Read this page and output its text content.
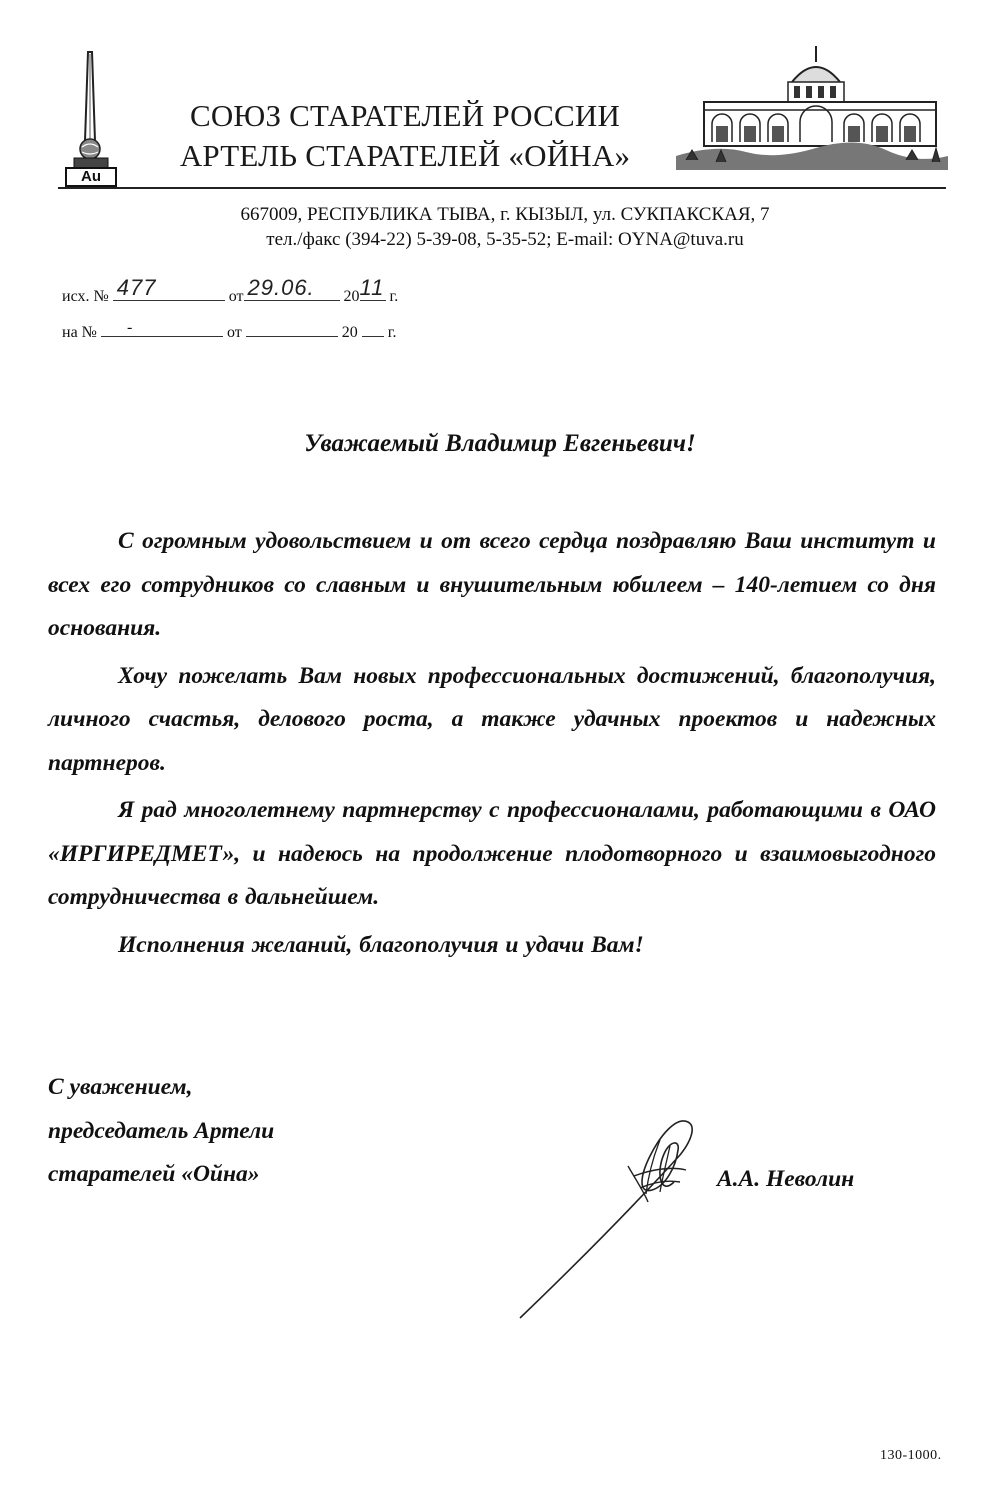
Au
СОЮЗ СТАРАТЕЛЕЙ РОССИИ
АРТЕЛЬ СТАРАТЕЛЕЙ «ОЙНА»
667009, РЕСПУБЛИКА ТЫВА, г. КЫЗЫЛ, ул. СУКПАКСКАЯ, 7
тел./факс (394-22) 5-39-08, 5-35-52; E-mail: OYNA@tuva.ru
исх. № 477	от 29.06. 20 11 г.
на № -	от	20 г.
Уважаемый Владимир Евгеньевич!

С огромным удовольствием и от всего сердца поздравляю Ваш институт и всех его сотрудников со славным и внушительным юбилеем – 140-летием со дня основания.

Хочу пожелать Вам новых профессиональных достижений, благополучия, личного счастья, делового роста, а также удачных проектов и надежных партнеров.

Я рад многолетнему партнерству с профессионалами, работающими в ОАО «ИРГИРЕДМЕТ», и надеюсь на продолжение плодотворного и взаимовыгодного сотрудничества в дальнейшем.

Исполнения желаний, благополучия и удачи Вам!

С уважением,
председатель Артели
старателей «Ойна»	А.А. Неволин
130-1000.
